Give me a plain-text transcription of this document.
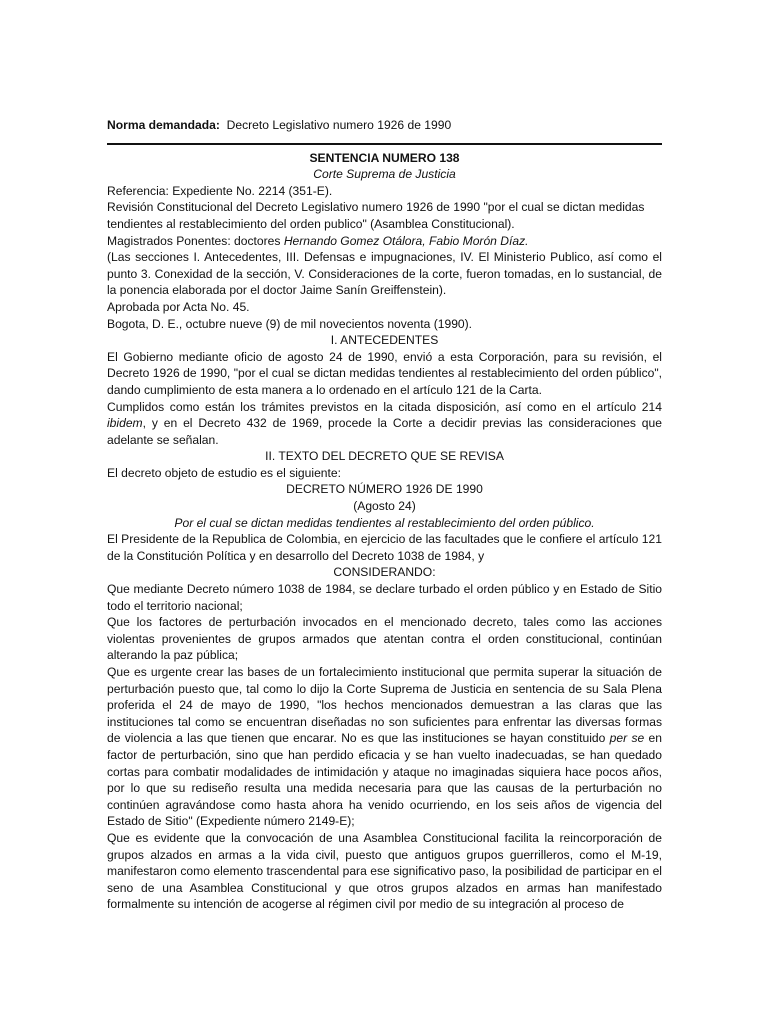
Norma demandada: Decreto Legislativo numero 1926 de 1990

SENTENCIA NUMERO 138

Corte Suprema de Justicia

Referencia: Expediente No. 2214 (351-E).

Revisión Constitucional del Decreto Legislativo numero 1926 de 1990 "por el cual se dictan medidas tendientes al restablecimiento del orden publico" (Asamblea Constitucional).

Magistrados Ponentes: doctores Hernando Gomez Otálora, Fabio Morón Díaz.

(Las secciones I. Antecedentes, III. Defensas e impugnaciones, IV. El Ministerio Publico, así como el punto 3. Conexidad de la sección, V. Consideraciones de la corte, fueron tomadas, en lo sustancial, de la ponencia elaborada por el doctor Jaime Sanín Greiffenstein).

Aprobada por Acta No. 45.

Bogota, D. E., octubre nueve (9) de mil novecientos noventa (1990).

I. ANTECEDENTES

El Gobierno mediante oficio de agosto 24 de 1990, envió a esta Corporación, para su revisión, el Decreto 1926 de 1990, "por el cual se dictan medidas tendientes al restablecimiento del orden público", dando cumplimiento de esta manera a lo ordenado en el artículo 121 de la Carta.

Cumplidos como están los trámites previstos en la citada disposición, así como en el artículo 214 ibidem, y en el Decreto 432 de 1969, procede la Corte a decidir previas las consideraciones que adelante se señalan.

II. TEXTO DEL DECRETO QUE SE REVISA

El decreto objeto de estudio es el siguiente:

DECRETO NÚMERO 1926 DE 1990

(Agosto 24)

Por el cual se dictan medidas tendientes al restablecimiento del orden público.

El Presidente de la Republica de Colombia, en ejercicio de las facultades que le confiere el artículo 121 de la Constitución Política y en desarrollo del Decreto 1038 de 1984, y

CONSIDERANDO:

Que mediante Decreto número 1038 de 1984, se declare turbado el orden público y en Estado de Sitio todo el territorio nacional;

Que los factores de perturbación invocados en el mencionado decreto, tales como las acciones violentas provenientes de grupos armados que atentan contra el orden constitucional, continúan alterando la paz pública;

Que es urgente crear las bases de un fortalecimiento institucional que permita superar la situación de perturbación puesto que, tal como lo dijo la Corte Suprema de Justicia en sentencia de su Sala Plena proferida el 24 de mayo de 1990, "los hechos mencionados demuestran a las claras que las instituciones tal como se encuentran diseñadas no son suficientes para enfrentar las diversas formas de violencia a las que tienen que encarar. No es que las instituciones se hayan constituido per se en factor de perturbación, sino que han perdido eficacia y se han vuelto inadecuadas, se han quedado cortas para combatir modalidades de intimidación y ataque no imaginadas siquiera hace pocos años, por lo que su rediseño resulta una medida necesaria para que las causas de la perturbación no continúen agravándose como hasta ahora ha venido ocurriendo, en los seis años de vigencia del Estado de Sitio" (Expediente número 2149-E);

Que es evidente que la convocación de una Asamblea Constitucional facilita la reincorporación de grupos alzados en armas a la vida civil, puesto que antiguos grupos guerrilleros, como el M-19, manifestaron como elemento trascendental para ese significativo paso, la posibilidad de participar en el seno de una Asamblea Constitucional y que otros grupos alzados en armas han manifestado formalmente su intención de acogerse al régimen civil por medio de su integración al proceso de
